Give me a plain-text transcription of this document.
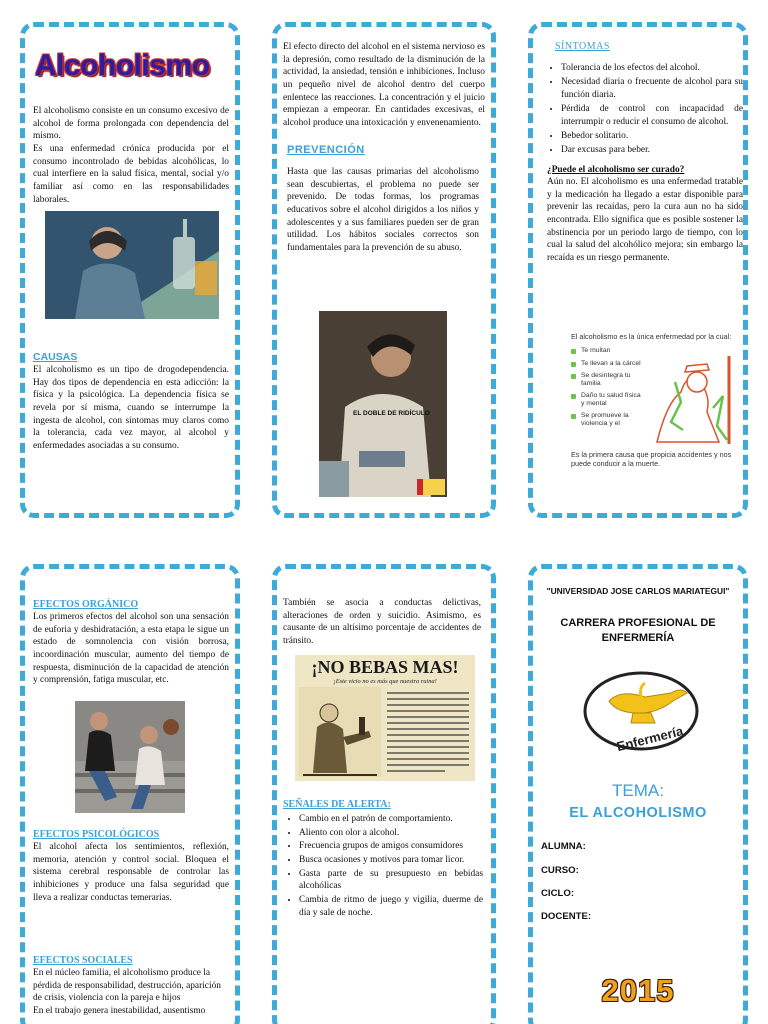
Alcoholismo
El alcoholismo consiste en un consumo excesivo de alcohol de forma prolongada con dependencia del mismo.
Es una enfermedad crónica producida por el consumo incontrolado de bebidas alcohólicas, lo cual interfiere en la salud física, mental, social y/o familiar así como en las responsabilidades laborales.
CAUSAS
El alcoholismo es un tipo de drogodependencia. Hay dos tipos de dependencia en esta adicción: la física y la psicológica. La dependencia física se revela por sí misma, cuando se interrumpe la ingesta de alcohol, con síntomas muy claros como la tolerancia, cada vez mayor, al alcohol y enfermedades asociadas a su consumo.
El efecto directo del alcohol en el sistema nervioso es la depresión, como resultado de la disminución de la actividad, la ansiedad, tensión e inhibiciones. Incluso un pequeño nivel de alcohol dentro del cuerpo enlentece las reacciones. La concentración y el juicio empiezan a empeorar. En cantidades excesivas, el alcohol produce una intoxicación y envenenamiento.
PREVENCIÓN
Hasta que las causas primarias del alcoholismo sean descubiertas, el problema no puede ser prevenido. De todas formas, los programas educativos sobre el alcohol dirigidos a los niños y adolescentes y a sus familiares pueden ser de gran utilidad. Los hábitos sociales correctos son fundamentales para la prevención de su abuso.
EL DOBLE DE RIDÍCULO
SÍNTOMAS
• Tolerancia de los efectos del alcohol.
• Necesidad diaria o frecuente de alcohol para su función diaria.
• Pérdida de control con incapacidad de interrumpir o reducir el consumo de alcohol.
• Bebedor solitario.
• Dar excusas para beber.
¿Puede el alcoholismo ser curado?
Aún no. El alcoholismo es una enfermedad tratable y la medicación ha llegado a estar disponible para prevenir las recaídas, pero la cura aun no ha sido encontrada. Ello significa que es posible sostener la abstinencia por un periodo largo de tiempo, con lo cual la salud del alcohólico mejora; sin embargo la recaída es un riesgo permanente.
El alcoholismo es la única enfermedad por la cual:
Te multan
Te llevan a la cárcel
Se desintegra tu familia
Daño tu salud física y mental
Se promueve la violencia y el
Es la primera causa que propicia accidentes y nos puede conducir a la muerte.
EFECTOS ORGÁNICO
Los primeros efectos del alcohol son una sensación de euforia y deshidratación, a esta etapa le sigue un estado de somnolencia con visión borrosa, incoordinación muscular, aumento del tiempo de respuesta, disminución de la capacidad de atención y comprensión, fatiga muscular, etc.
EFECTOS PSICOLÓGICOS
El alcohol afecta los sentimientos, reflexión, memoria, atención y control social. Bloquea el sistema cerebral responsable de controlar las inhibiciones y produce una falsa seguridad que lleva a realizar conductas temerarias.
EFECTOS SOCIALES
En el núcleo familia, el alcoholismo produce la pérdida de responsabilidad, destrucción, aparición de crisis, violencia con la pareja e hijos
En el trabajo genera inestabilidad, ausentismo
También se asocia a conductas delictivas, alteraciones de orden y suicidio. Asimismo, es causante de un altísimo porcentaje de accidentes de tránsito.
¡NO BEBAS MAS!
¡Este vicio no es más que nuestra ruina!
SEÑALES DE ALERTA:
• Cambio en el patrón de comportamiento.
• Aliento con olor a alcohol.
• Frecuencia grupos de amigos consumidores
• Busca ocasiones y motivos para tomar licor.
• Gasta parte de su presupuesto en bebidas alcohólicas
• Cambia de ritmo de juego y vigilia, duerme de día y sale de noche.
"UNIVERSIDAD JOSE CARLOS MARIATEGUI"
CARRERA PROFESIONAL DE ENFERMERÍA
Enfermería
TEMA:
EL ALCOHOLISMO
ALUMNA:
CURSO:
CICLO:
DOCENTE:
2015
